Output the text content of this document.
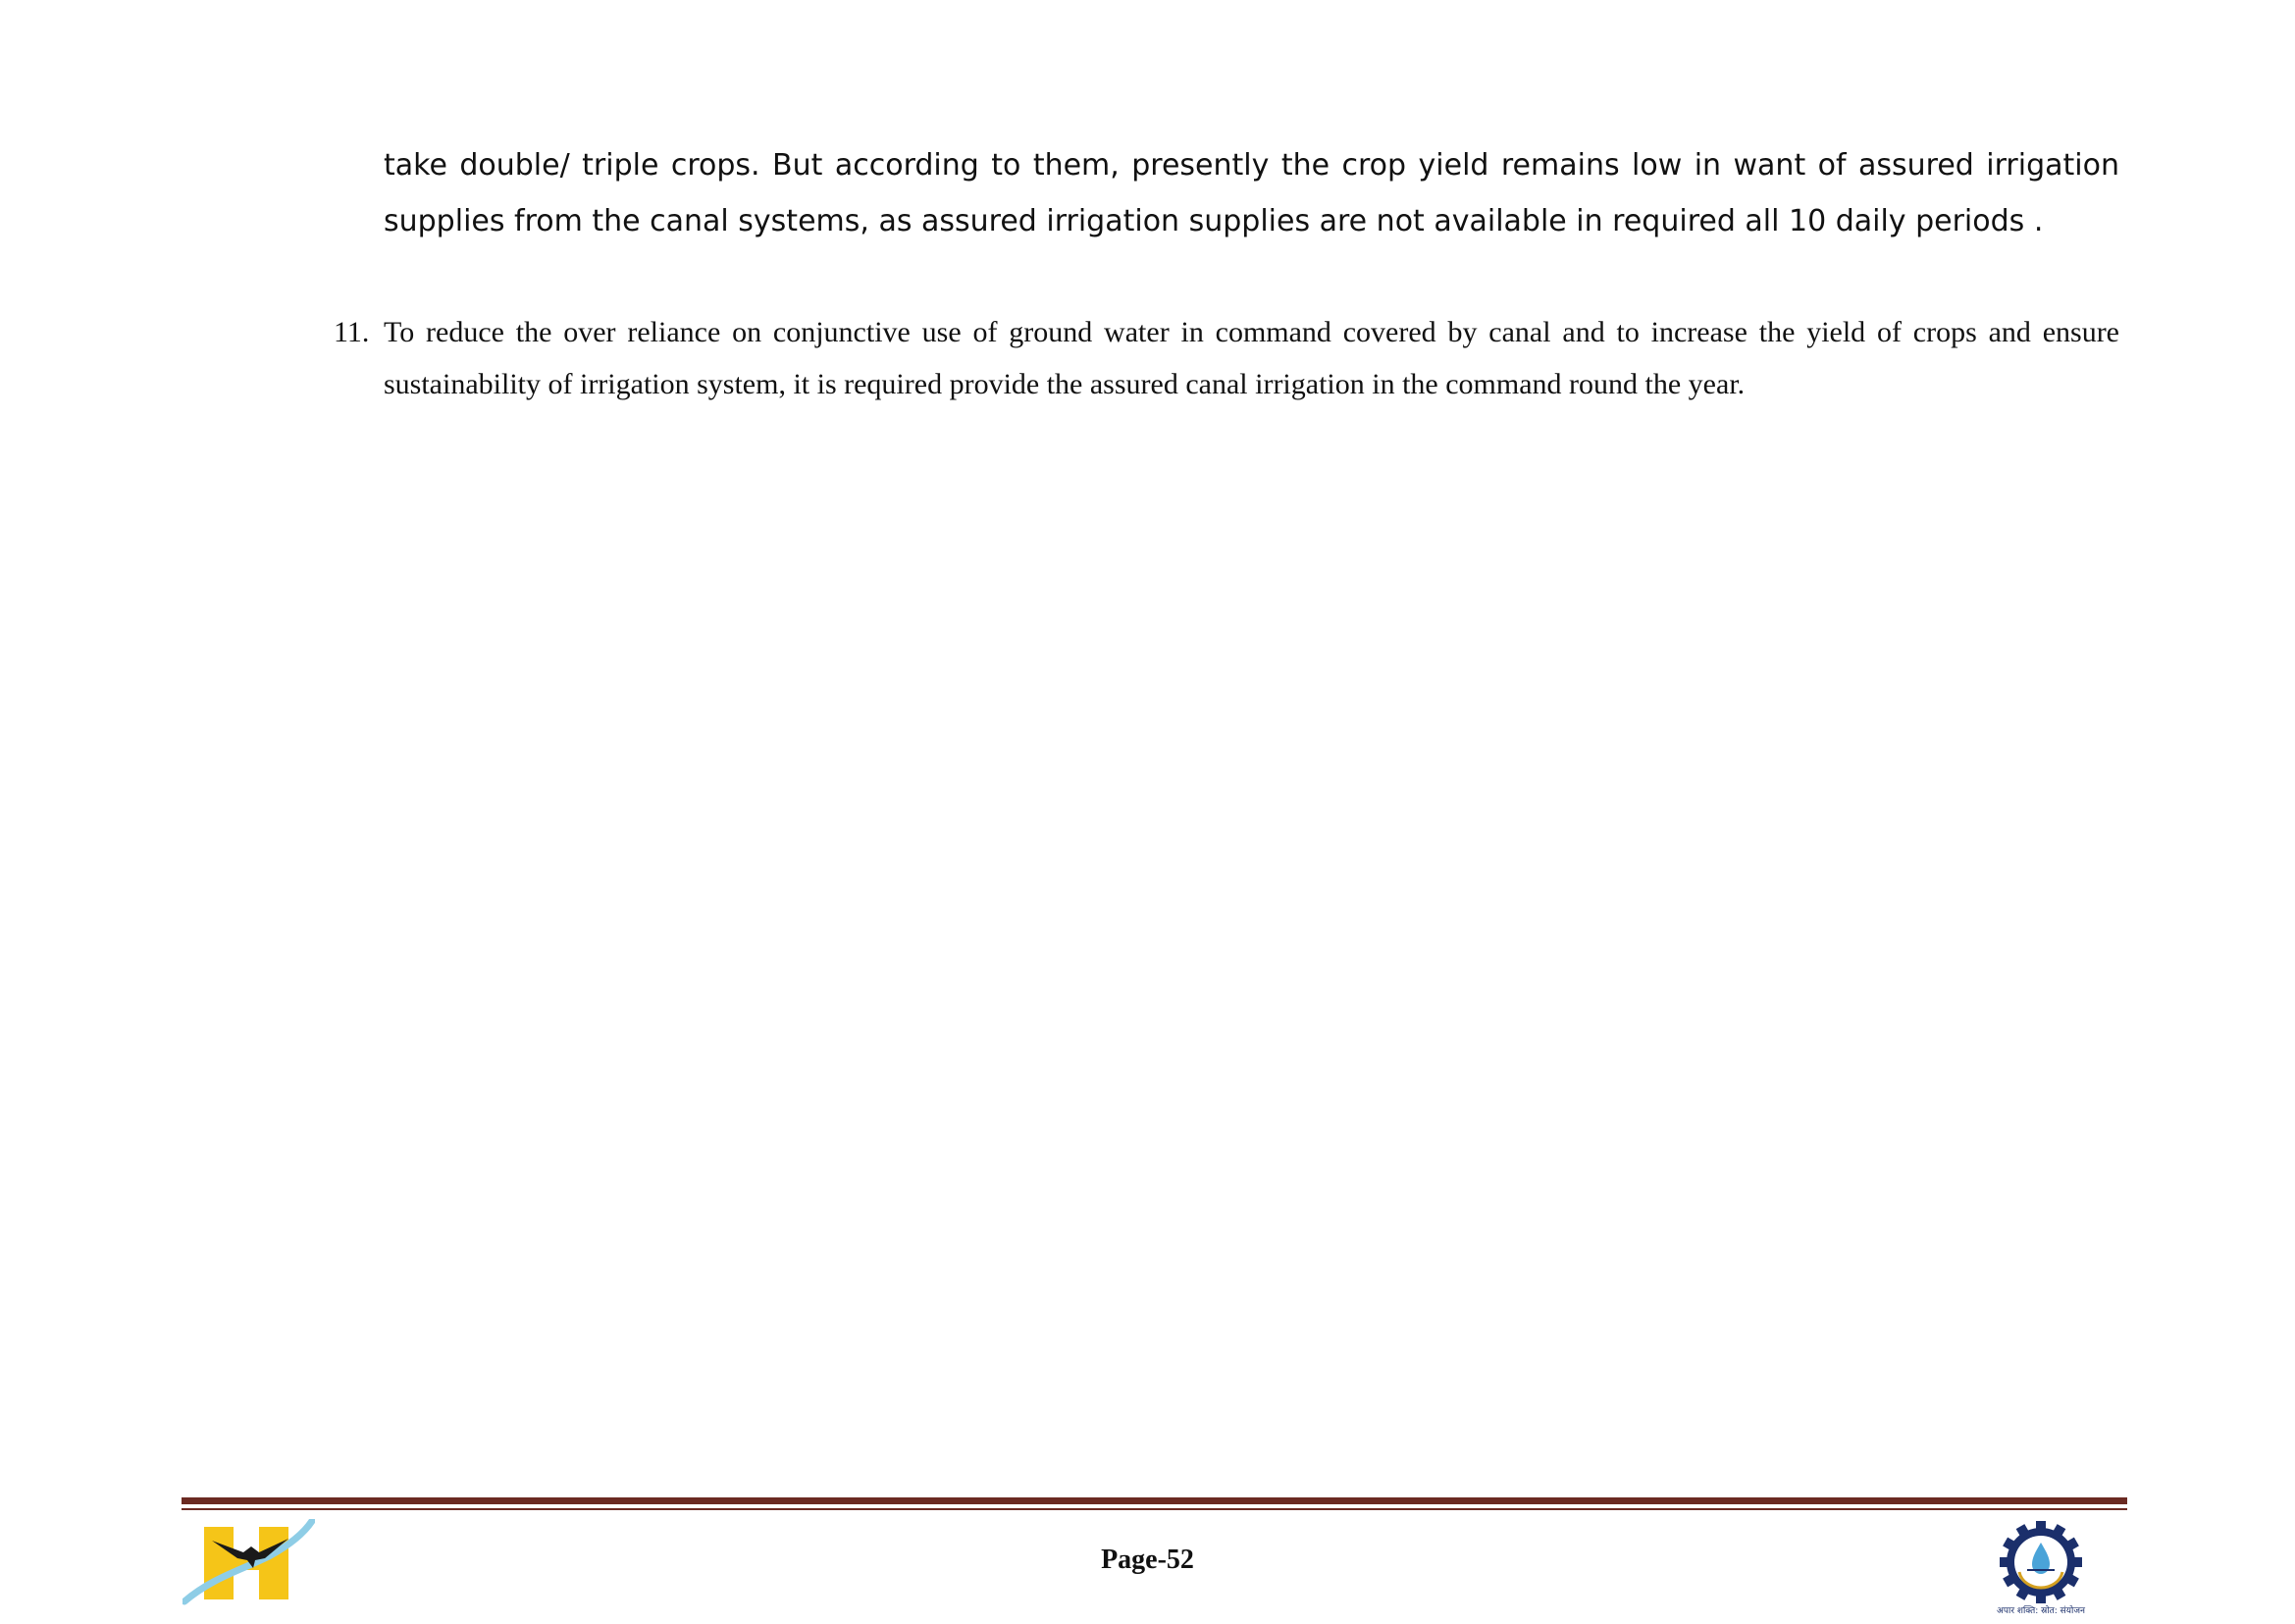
take double/ triple crops. But according to them, presently the crop yield remains low in want of assured irrigation supplies from the canal systems, as assured irrigation supplies are not available in required all 10 daily periods .

11. To reduce the over reliance on conjunctive use of ground water in command covered by canal and to increase the yield of crops and ensure sustainability of irrigation system, it is required provide the assured canal irrigation in the command round the year.

Page-52
अपार शक्ति: स्रोत: संयोजन
